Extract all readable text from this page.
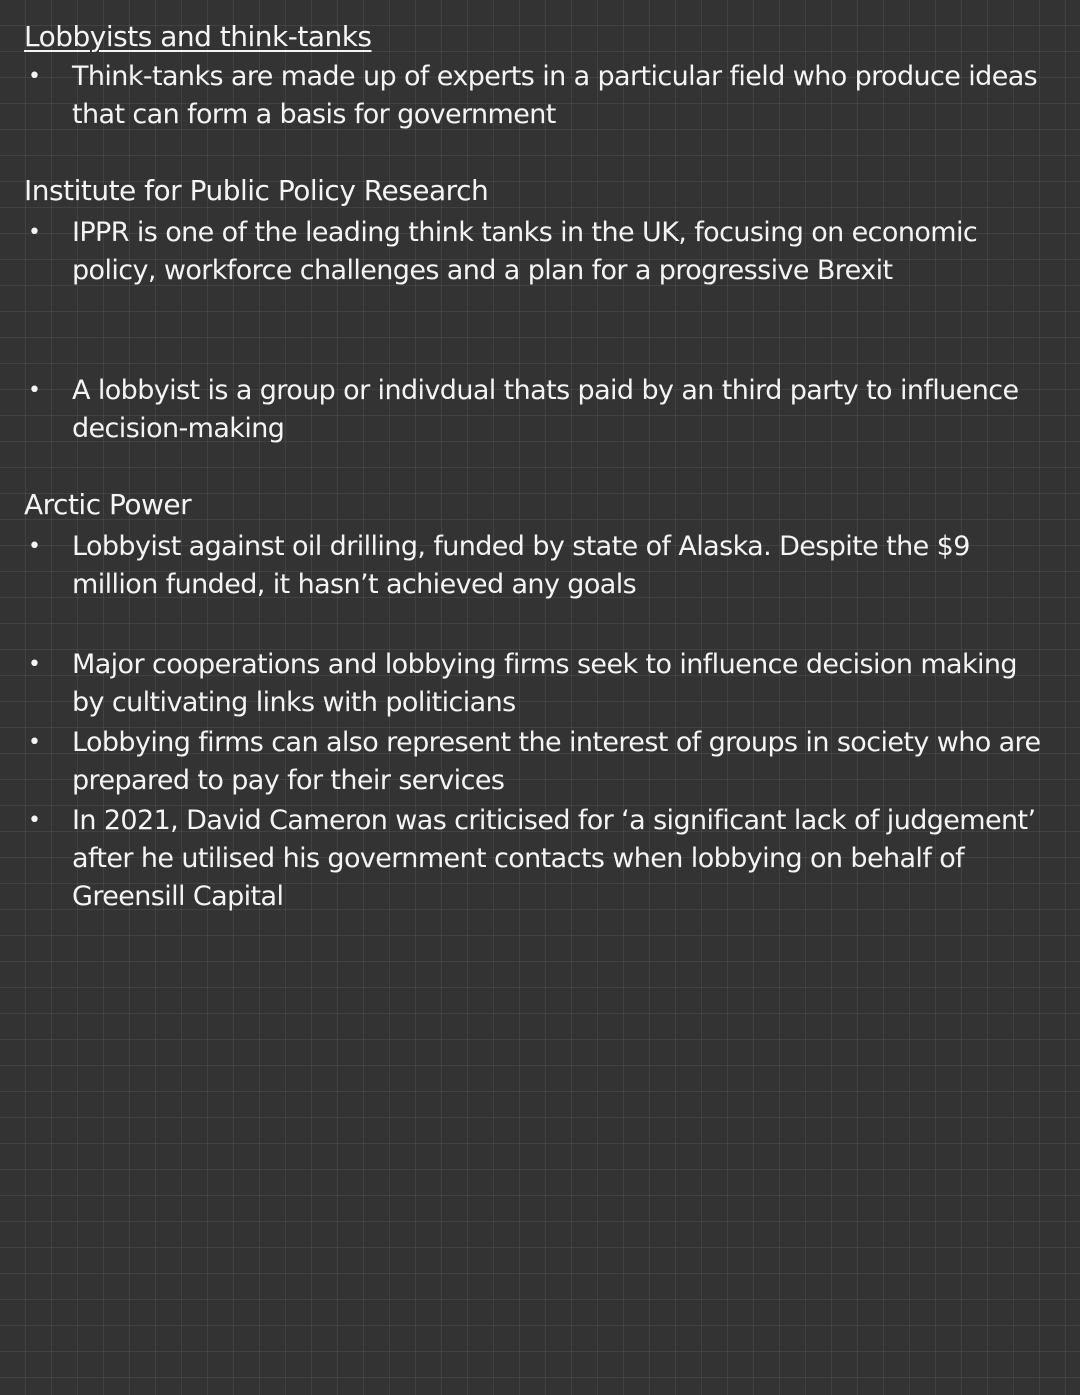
Lobbyists and think-tanks
• Think-tanks are made up of experts in a particular field who produce ideas that can form a basis for government
Institute for Public Policy Research
• IPPR is one of the leading think tanks in the UK, focusing on economic policy, workforce challenges and a plan for a progressive Brexit
• A lobbyist is a group or indivdual thats paid by an third party to influence decision-making
Arctic Power
• Lobbyist against oil drilling, funded by state of Alaska. Despite the $9 million funded, it hasn’t achieved any goals
• Major cooperations and lobbying firms seek to influence decision making by cultivating links with politicians
• Lobbying firms can also represent the interest of groups in society who are prepared to pay for their services
• In 2021, David Cameron was criticised for ‘a significant lack of judgement’ after he utilised his government contacts when lobbying on behalf of Greensill Capital
